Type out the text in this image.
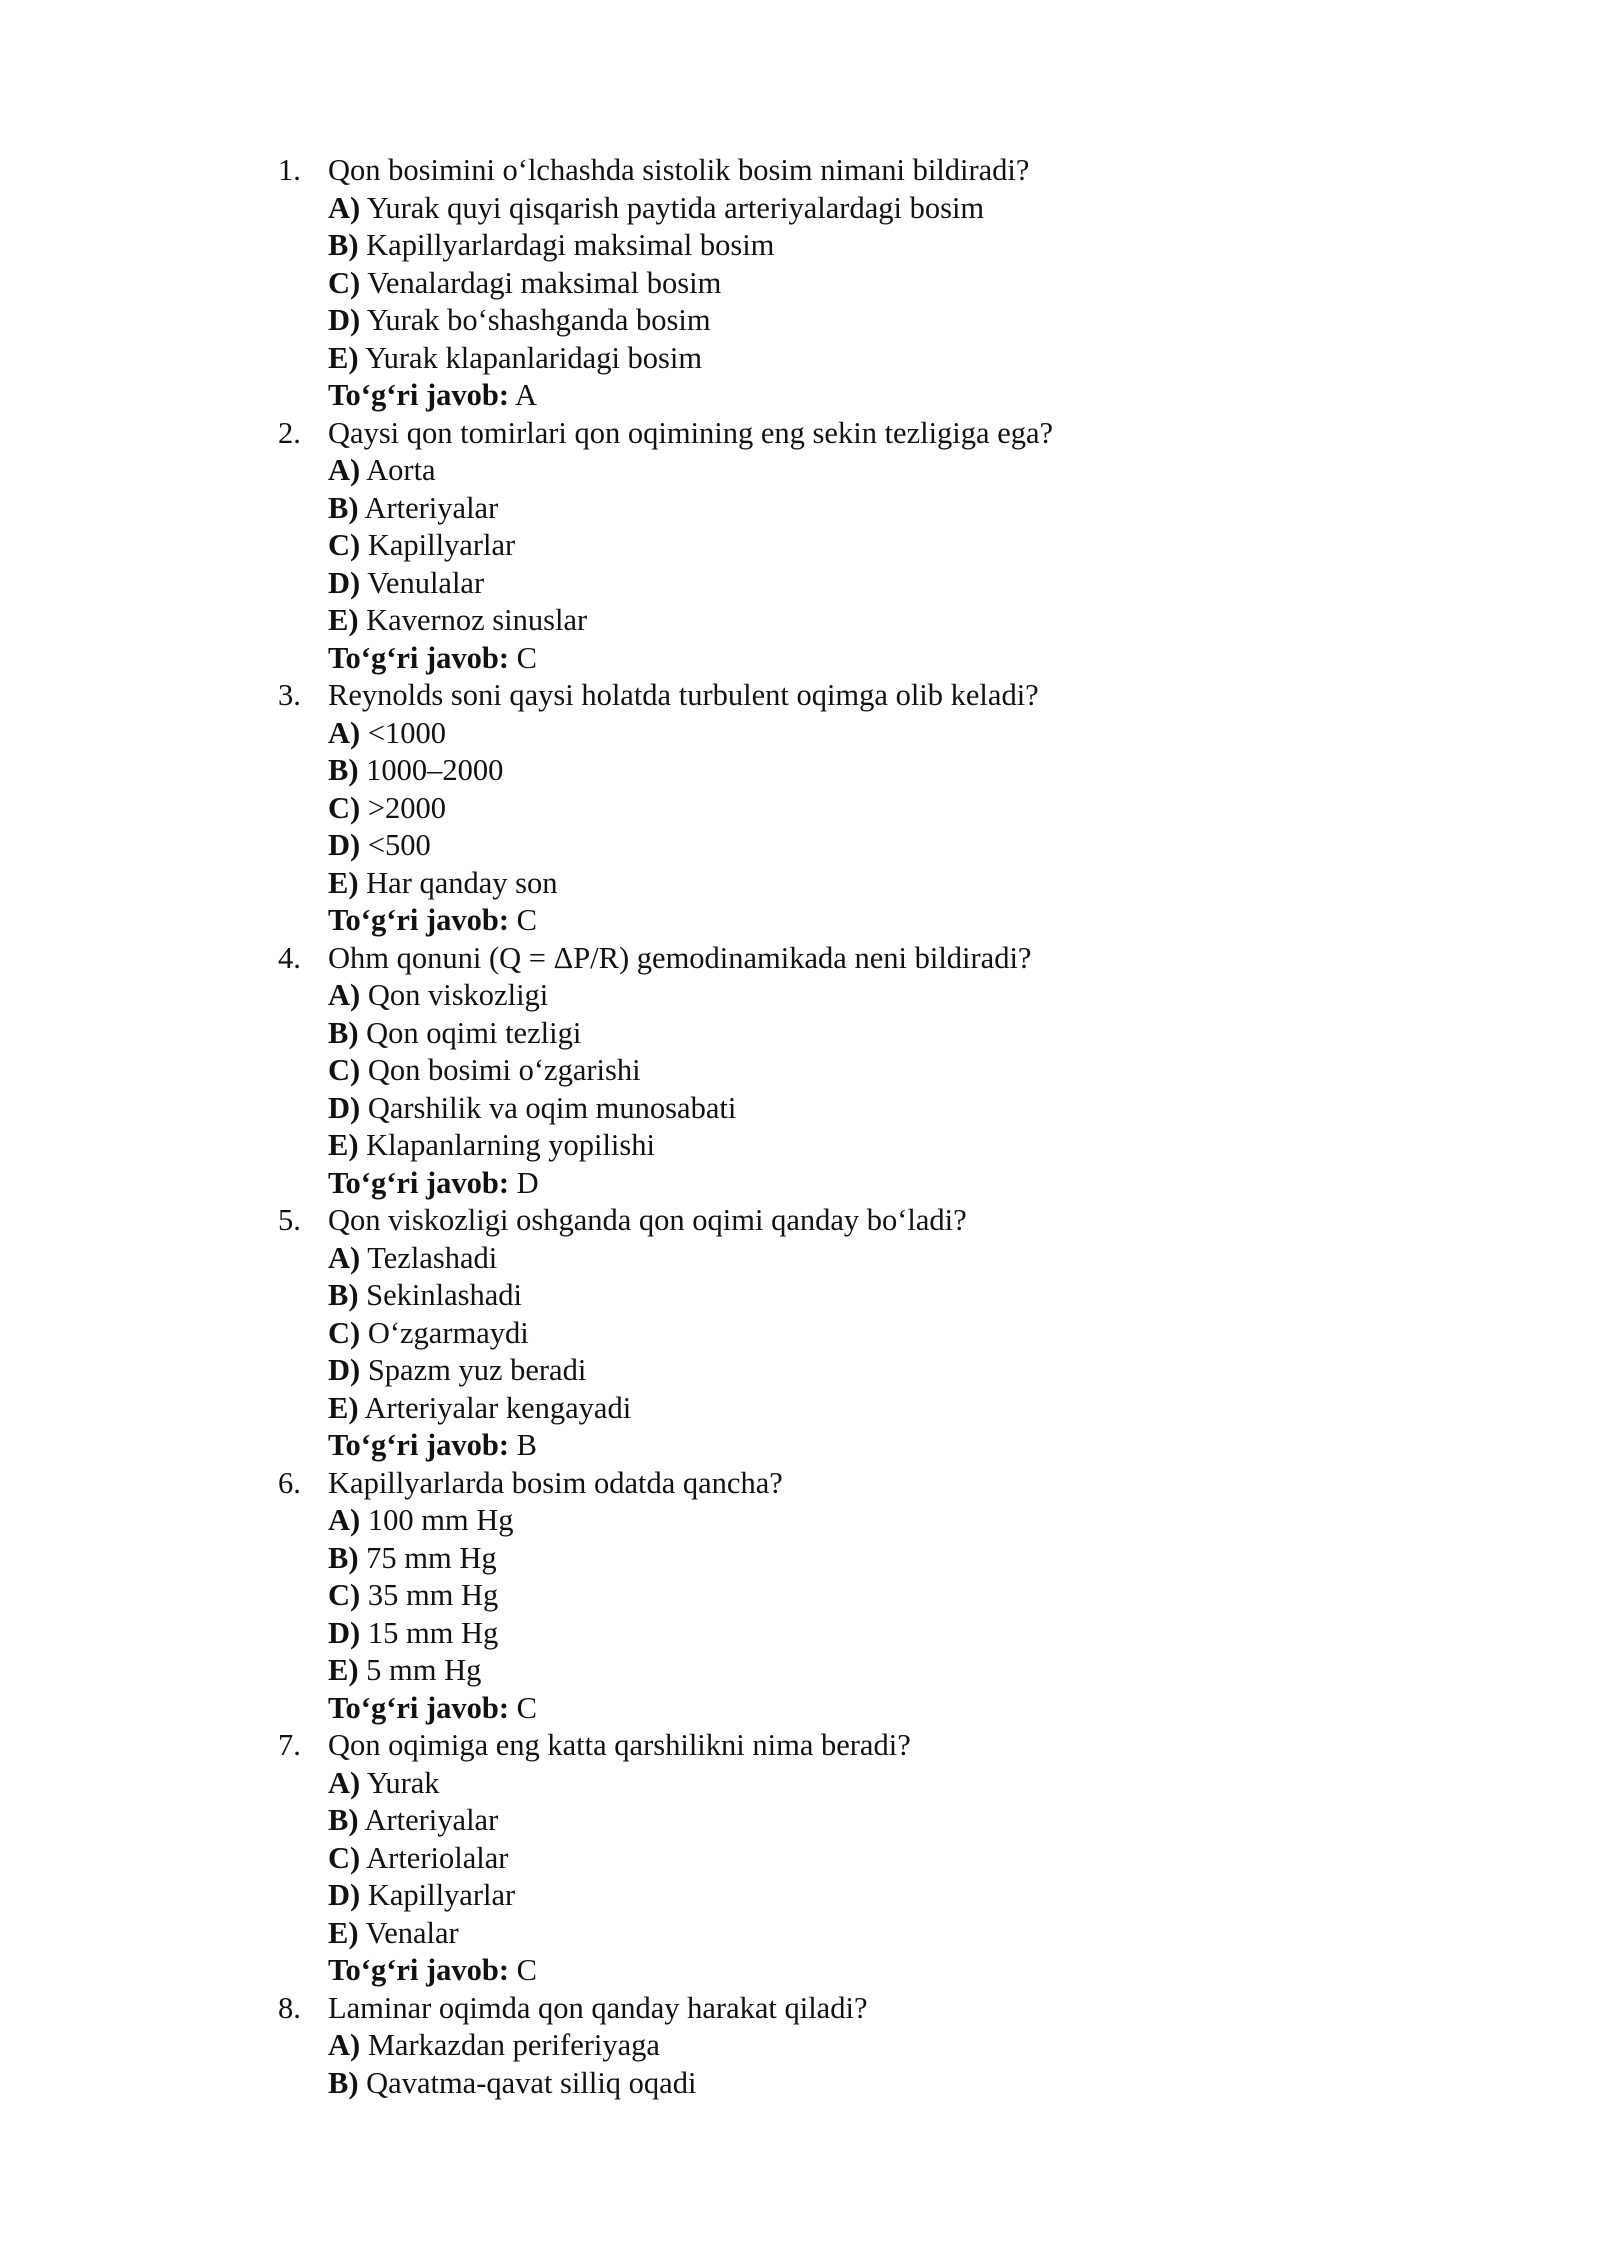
1. Qon bosimini o‘lchashda sistolik bosim nimani bildiradi?
A) Yurak quyi qisqarish paytida arteriyalardagi bosim
B) Kapillyarlardagi maksimal bosim
C) Venalardagi maksimal bosim
D) Yurak bo‘shashganda bosim
E) Yurak klapanlaridagi bosim
To‘g‘ri javob: A
2. Qaysi qon tomirlari qon oqimining eng sekin tezligiga ega?
A) Aorta
B) Arteriyalar
C) Kapillyarlar
D) Venulalar
E) Kavernoz sinuslar
To‘g‘ri javob: C
3. Reynolds soni qaysi holatda turbulent oqimga olib keladi?
A) <1000
B) 1000–2000
C) >2000
D) <500
E) Har qanday son
To‘g‘ri javob: C
4. Ohm qonuni (Q = ΔP/R) gemodinamikada neni bildiradi?
A) Qon viskozligi
B) Qon oqimi tezligi
C) Qon bosimi o‘zgarishi
D) Qarshilik va oqim munosabati
E) Klapanlarning yopilishi
To‘g‘ri javob: D
5. Qon viskozligi oshganda qon oqimi qanday bo‘ladi?
A) Tezlashadi
B) Sekinlashadi
C) O‘zgarmaydi
D) Spazm yuz beradi
E) Arteriyalar kengayadi
To‘g‘ri javob: B
6. Kapillyarlarda bosim odatda qancha?
A) 100 mm Hg
B) 75 mm Hg
C) 35 mm Hg
D) 15 mm Hg
E) 5 mm Hg
To‘g‘ri javob: C
7. Qon oqimiga eng katta qarshilikni nima beradi?
A) Yurak
B) Arteriyalar
C) Arteriolalar
D) Kapillyarlar
E) Venalar
To‘g‘ri javob: C
8. Laminar oqimda qon qanday harakat qiladi?
A) Markazdan periferiyaga
B) Qavatma-qavat silliq oqadi
